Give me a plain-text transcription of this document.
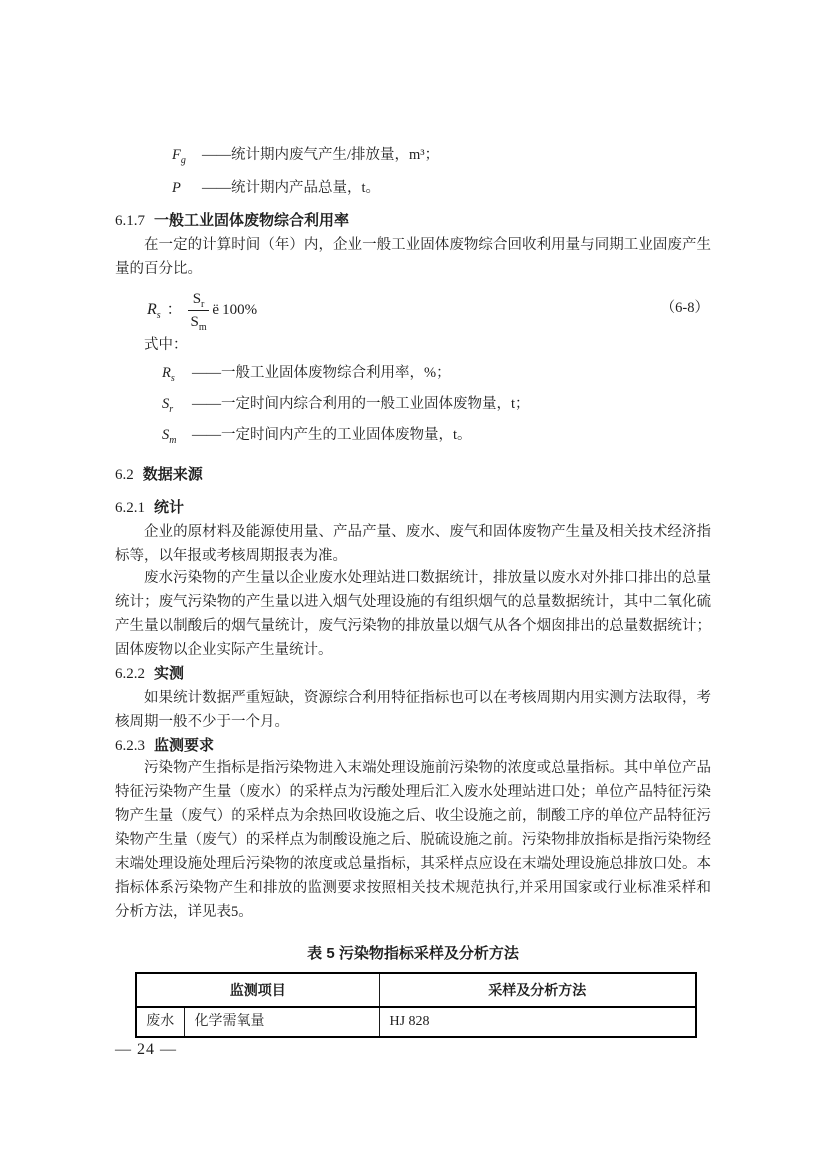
$F_g$ ——统计期内废气产生/排放量，m³；
P ——统计期内产品总量，t。
6.1.7 一般工业固体废物综合利用率

在一定的计算时间（年）内，企业一般工业固体废物综合回收利用量与同期工业固废产生量的百分比。

$R_s$ ： $\frac{S_r}{S_m}$ ë 100%	（6-8）

式中：

$R_s$ ——一般工业固体废物综合利用率，%；
$S_r$ ——一定时间内综合利用的一般工业固体废物量，t；
$S_m$ ——一定时间内产生的工业固体废物量，t。
6.2 数据来源
6.2.1 统计

企业的原材料及能源使用量、产品产量、废水、废气和固体废物产生量及相关技术经济指标等，以年报或考核周期报表为准。

废水污染物的产生量以企业废水处理站进口数据统计，排放量以废水对外排口排出的总量统计；废气污染物的产生量以进入烟气处理设施的有组织烟气的总量数据统计，其中二氧化硫产生量以制酸后的烟气量统计，废气污染物的排放量以烟气从各个烟囱排出的总量数据统计；固体废物以企业实际产生量统计。

6.2.2 实测

如果统计数据严重短缺，资源综合利用特征指标也可以在考核周期内用实测方法取得，考核周期一般不少于一个月。

6.2.3 监测要求

污染物产生指标是指污染物进入末端处理设施前污染物的浓度或总量指标。其中单位产品特征污染物产生量（废水）的采样点为污酸处理后汇入废水处理站进口处；单位产品特征污染物产生量（废气）的采样点为余热回收设施之后、收尘设施之前，制酸工序的单位产品特征污染物产生量（废气）的采样点为制酸设施之后、脱硫设施之前。污染物排放指标是指污染物经末端处理设施处理后污染物的浓度或总量指标，其采样点应设在末端处理设施总排放口处。本指标体系污染物产生和排放的监测要求按照相关技术规范执行,并采用国家或行业标准采样和分析方法，详见表5。

表 5 污染物指标采样及分析方法
监测项目		采样及分析方法
废水	化学需氧量	HJ 828
— 24 —
